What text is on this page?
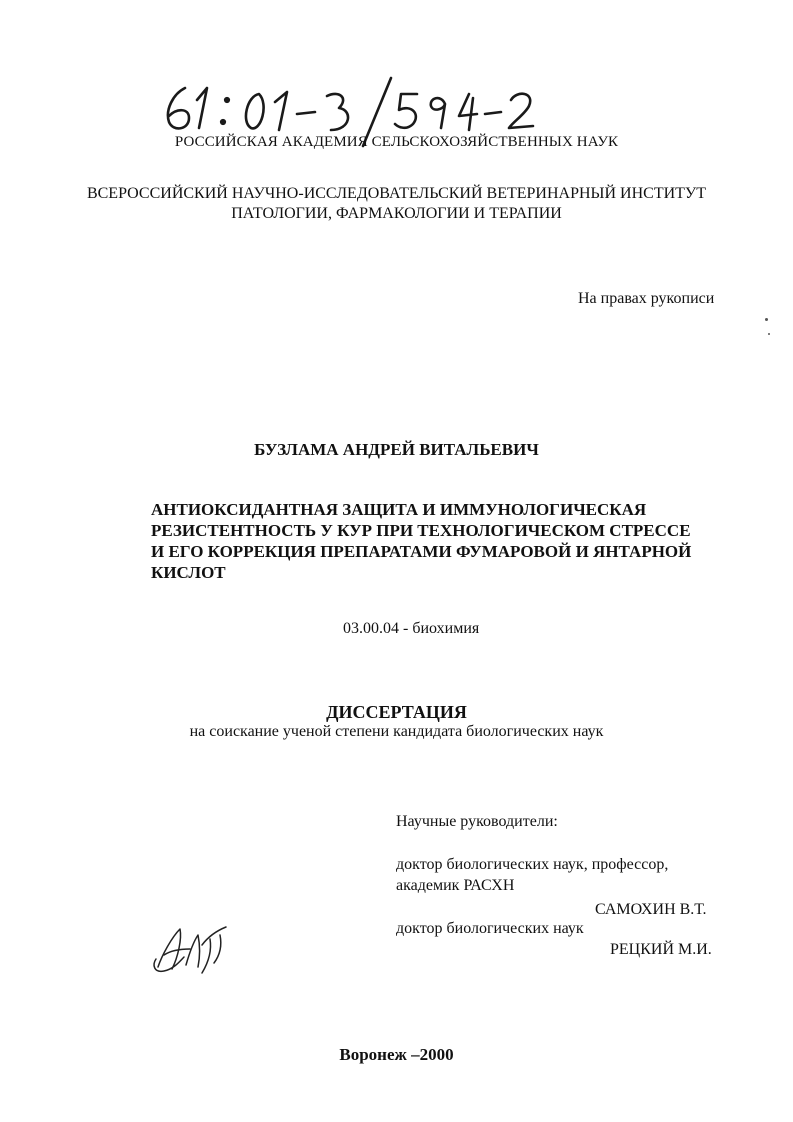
РОССИЙСКАЯ АКАДЕМИЯ СЕЛЬСКОХОЗЯЙСТВЕННЫХ НАУК
ВСЕРОССИЙСКИЙ НАУЧНО-ИССЛЕДОВАТЕЛЬСКИЙ ВЕТЕРИНАРНЫЙ ИНСТИТУТ
ПАТОЛОГИИ, ФАРМАКОЛОГИИ И ТЕРАПИИ
На правах рукописи
БУЗЛАМА АНДРЕЙ ВИТАЛЬЕВИЧ
АНТИОКСИДАНТНАЯ ЗАЩИТА И ИММУНОЛОГИЧЕСКАЯ
РЕЗИСТЕНТНОСТЬ У КУР ПРИ ТЕХНОЛОГИЧЕСКОМ СТРЕССЕ
И ЕГО КОРРЕКЦИЯ ПРЕПАРАТАМИ ФУМАРОВОЙ И ЯНТАРНОЙ
КИСЛОТ
03.00.04 - биохимия
ДИССЕРТАЦИЯ
на соискание ученой степени кандидата биологических наук
Научные руководители:
доктор биологических наук, профессор,
академик РАСХН
САМОХИН В.Т.
доктор биологических наук
РЕЦКИЙ М.И.
Воронеж –2000
